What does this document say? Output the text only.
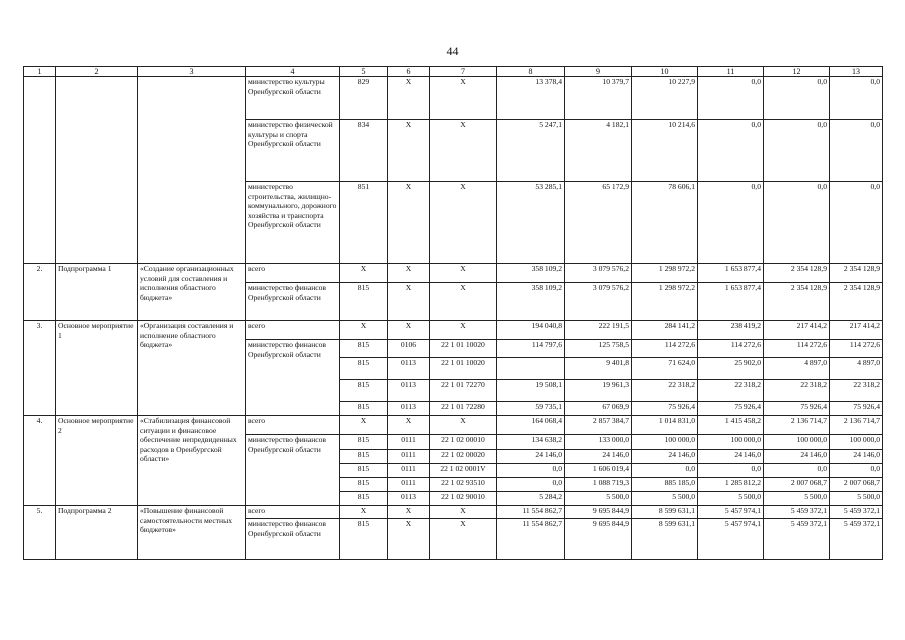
44
1	2	3	4	5	6	7	8	9	10	11	12	13
			министерство культуры Оренбургской области	829	X	X	13 378,4	10 379,7	10 227,9	0,0	0,0	0,0
			министерство физической культуры и спорта Оренбургской области	834	X	X	5 247,1	4 182,1	10 214,6	0,0	0,0	0,0
			министерство строительства, жилищно-коммунального, дорожного хозяйства и транспорта Оренбургской области	851	X	X	53 285,1	65 172,9	78 606,1	0,0	0,0	0,0
2.	Подпрограмма 1	«Создание организационных условий для составления и исполнения областного бюджета»	всего	X	X	X	358 109,2	3 079 576,2	1 298 972,2	1 653 877,4	2 354 128,9	2 354 128,9
			министерство финансов Оренбургской области	815	X	X	358 109,2	3 079 576,2	1 298 972,2	1 653 877,4	2 354 128,9	2 354 128,9
3.	Основное мероприятие 1	«Организация составления и исполнение областного бюджета»	всего	X	X	X	194 040,8	222 191,5	284 141,2	238 419,2	217 414,2	217 414,2
			министерство финансов Оренбургской области	815	0106	22 1 01 10020	114 797,6	125 758,5	114 272,6	114 272,6	114 272,6	114 272,6
				815	0113	22 1 01 10020		9 401,8	71 624,0	25 902,0	4 897,0	4 897,0
				815	0113	22 1 01 72270	19 508,1	19 961,3	22 318,2	22 318,2	22 318,2	22 318,2
				815	0113	22 1 01 72280	59 735,1	67 069,9	75 926,4	75 926,4	75 926,4	75 926,4
4.	Основное мероприятие 2	«Стабилизация финансовой ситуации и финансовое обеспечение непредвиденных расходов в Оренбургской области»	всего	X	X	X	164 068,4	2 857 384,7	1 014 831,0	1 415 458,2	2 136 714,7	2 136 714,7
			министерство финансов Оренбургской области	815	0111	22 1 02 00010	134 638,2	133 000,0	100 000,0	100 000,0	100 000,0	100 000,0
				815	0111	22 1 02 00020	24 146,0	24 146,0	24 146,0	24 146,0	24 146,0	24 146,0
				815	0111	22 1 02 0001V	0,0	1 606 019,4	0,0	0,0	0,0	0,0
				815	0111	22 1 02 93510	0,0	1 088 719,3	885 185,0	1 285 812,2	2 007 068,7	2 007 068,7
				815	0113	22 1 02 90010	5 284,2	5 500,0	5 500,0	5 500,0	5 500,0	5 500,0
5.	Подпрограмма 2	«Повышение финансовой самостоятельности местных бюджетов»	всего	X	X	X	11 554 862,7	9 695 844,9	8 599 631,1	5 457 974,1	5 459 372,1	5 459 372,1
			министерство финансов Оренбургской области	815	X	X	11 554 862,7	9 695 844,9	8 599 631,1	5 457 974,1	5 459 372,1	5 459 372,1
